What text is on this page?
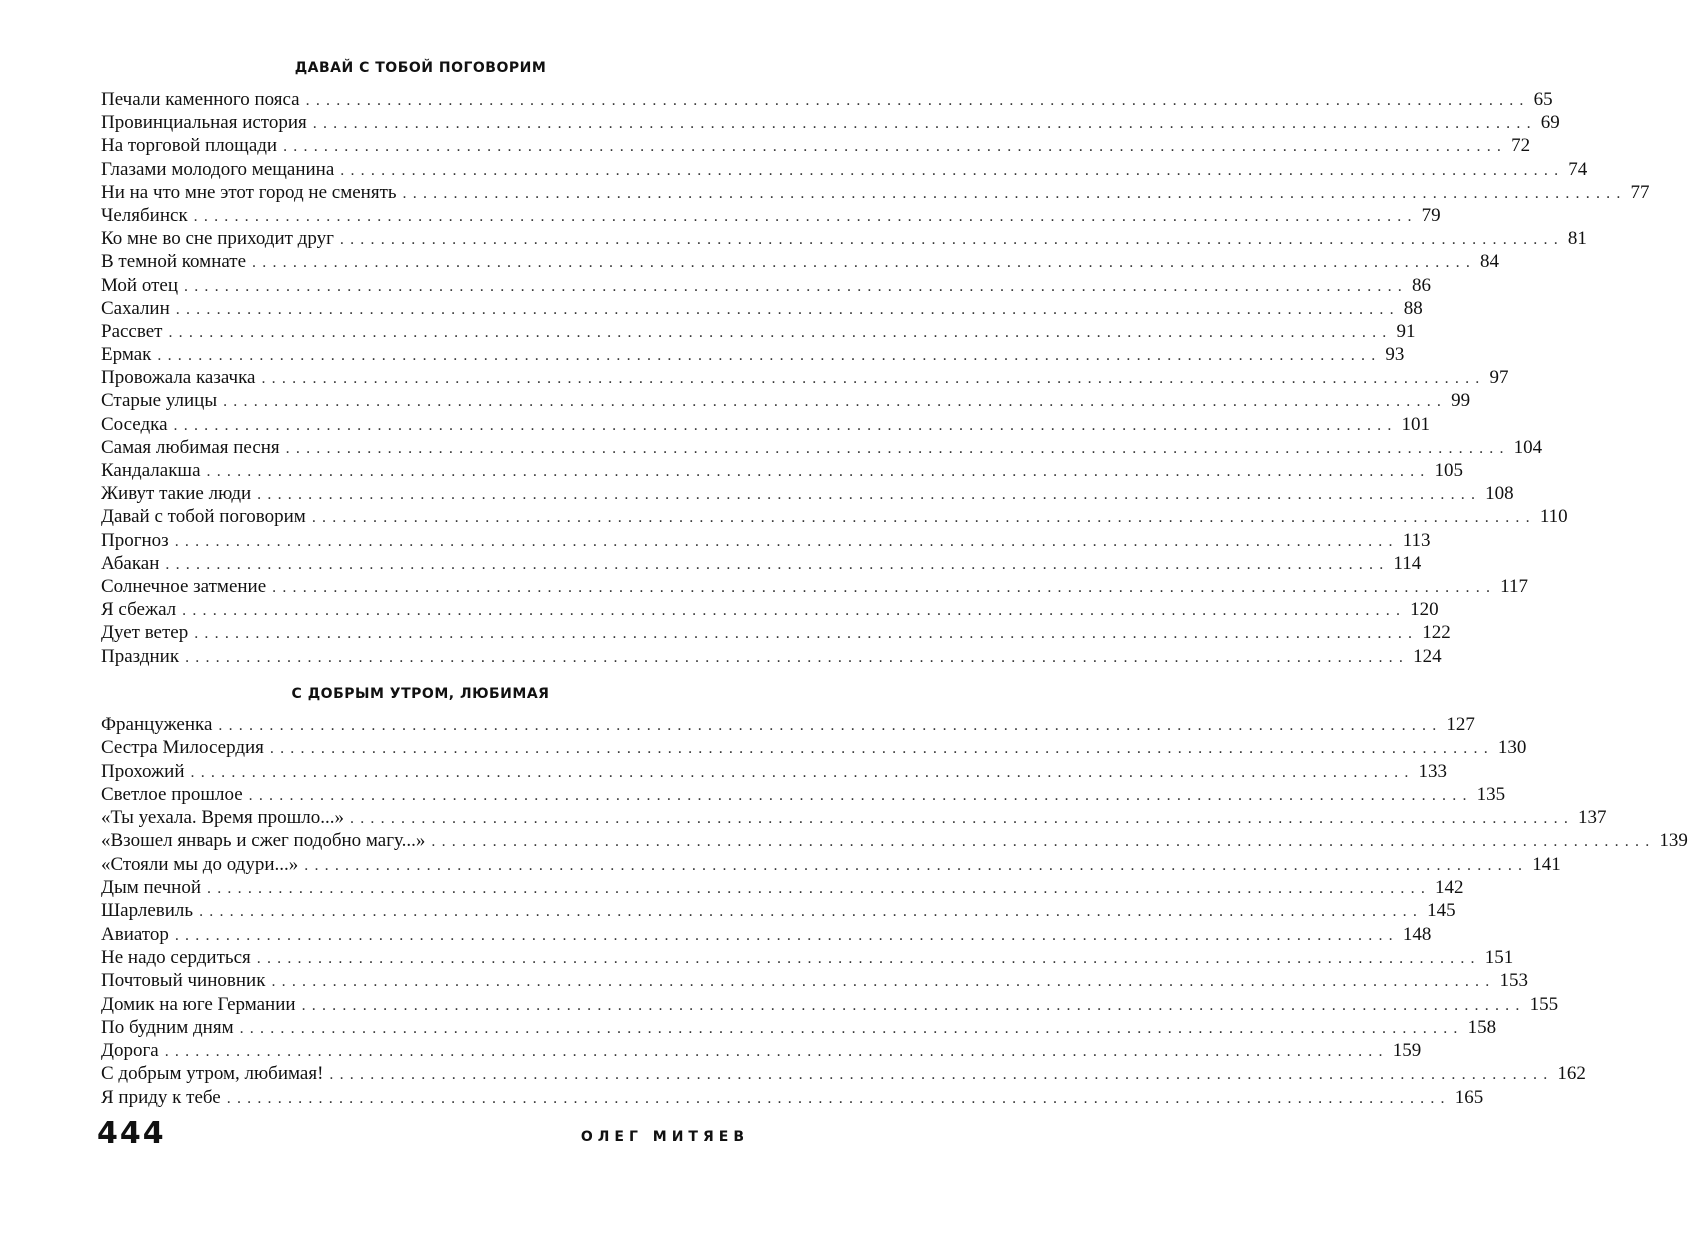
ДАВАЙ С ТОБОЙ ПОГОВОРИМ
Печали каменного пояса ........................................................................................................................ 65
Провинциальная история ........................................................................................................................ 69
На торговой площади ........................................................................................................................ 72
Глазами молодого мещанина ........................................................................................................................ 74
Ни на что мне этот город не сменять ........................................................................................................................ 77
Челябинск ........................................................................................................................ 79
Ко мне во сне приходит друг ........................................................................................................................ 81
В темной комнате ........................................................................................................................ 84
Мой отец ........................................................................................................................ 86
Сахалин ........................................................................................................................ 88
Рассвет ........................................................................................................................ 91
Ермак ........................................................................................................................ 93
Провожала казачка ........................................................................................................................ 97
Старые улицы ........................................................................................................................ 99
Соседка ........................................................................................................................ 101
Самая любимая песня ........................................................................................................................ 104
Кандалакша ........................................................................................................................ 105
Живут такие люди ........................................................................................................................ 108
Давай с тобой поговорим ........................................................................................................................ 110
Прогноз ........................................................................................................................ 113
Абакан ........................................................................................................................ 114
Солнечное затмение ........................................................................................................................ 117
Я сбежал ........................................................................................................................ 120
Дует ветер ........................................................................................................................ 122
Праздник ........................................................................................................................ 124
С ДОБРЫМ УТРОМ, ЛЮБИМАЯ
Француженка ........................................................................................................................ 127
Сестра Милосердия ........................................................................................................................ 130
Прохожий ........................................................................................................................ 133
Светлое прошлое ........................................................................................................................ 135
«Ты уехала. Время прошло...» ........................................................................................................................ 137
«Взошел январь и сжег подобно магу...» ........................................................................................................................ 139
«Стояли мы до одури...» ........................................................................................................................ 141
Дым печной ........................................................................................................................ 142
Шарлевиль ........................................................................................................................ 145
Авиатор ........................................................................................................................ 148
Не надо сердиться ........................................................................................................................ 151
Почтовый чиновник ........................................................................................................................ 153
Домик на юге Германии ........................................................................................................................ 155
По будним дням ........................................................................................................................ 158
Дорога ........................................................................................................................ 159
С добрым утром, любимая! ........................................................................................................................ 162
Я приду к тебе ........................................................................................................................ 165
444	ОЛЕГ МИТЯЕВ
